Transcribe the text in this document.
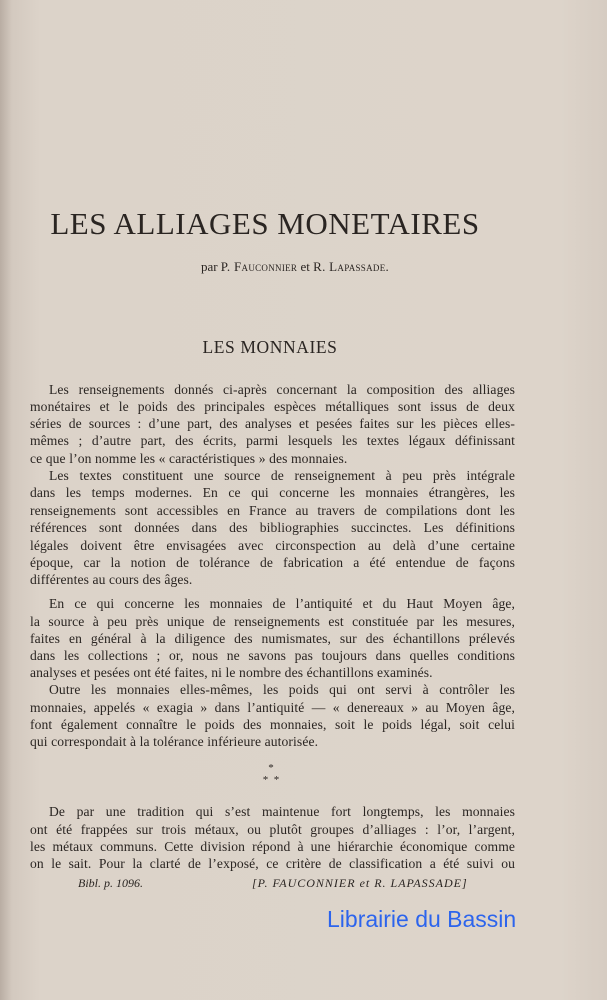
LES ALLIAGES MONETAIRES
par P. Fauconnier et R. Lapassade.
LES MONNAIES
Les renseignements donnés ci-après concernant la composition des alliages
monétaires et le poids des principales espèces métalliques sont issus de deux
séries de sources : d’une part, des analyses et pesées faites sur les pièces elles-
mêmes ; d’autre part, des écrits, parmi lesquels les textes légaux définissant
ce que l’on nomme les « caractéristiques » des monnaies.
Les textes constituent une source de renseignement à peu près intégrale
dans les temps modernes. En ce qui concerne les monnaies étrangères, les
renseignements sont accessibles en France au travers de compilations dont les
références sont données dans des bibliographies succinctes. Les définitions
légales doivent être envisagées avec circonspection au delà d’une certaine
époque, car la notion de tolérance de fabrication a été entendue de façons
différentes au cours des âges.
En ce qui concerne les monnaies de l’antiquité et du Haut Moyen âge,
la source à peu près unique de renseignements est constituée par les mesures,
faites en général à la diligence des numismates, sur des échantillons prélevés
dans les collections ; or, nous ne savons pas toujours dans quelles conditions
analyses et pesées ont été faites, ni le nombre des échantillons examinés.
Outre les monnaies elles-mêmes, les poids qui ont servi à contrôler les
monnaies, appelés « exagia » dans l’antiquité — « denereaux » au Moyen âge,
font également connaître le poids des monnaies, soit le poids légal, soit celui
qui correspondait à la tolérance inférieure autorisée.
De par une tradition qui s’est maintenue fort longtemps, les monnaies
ont été frappées sur trois métaux, ou plutôt groupes d’alliages : l’or, l’argent,
les métaux communs. Cette division répond à une hiérarchie économique comme
on le sait. Pour la clarté de l’exposé, ce critère de classification a été suivi ou
*
* *
Bibl. p. 1096.	[P. FAUCONNIER et R. LAPASSADE]
Librairie du Bassin
